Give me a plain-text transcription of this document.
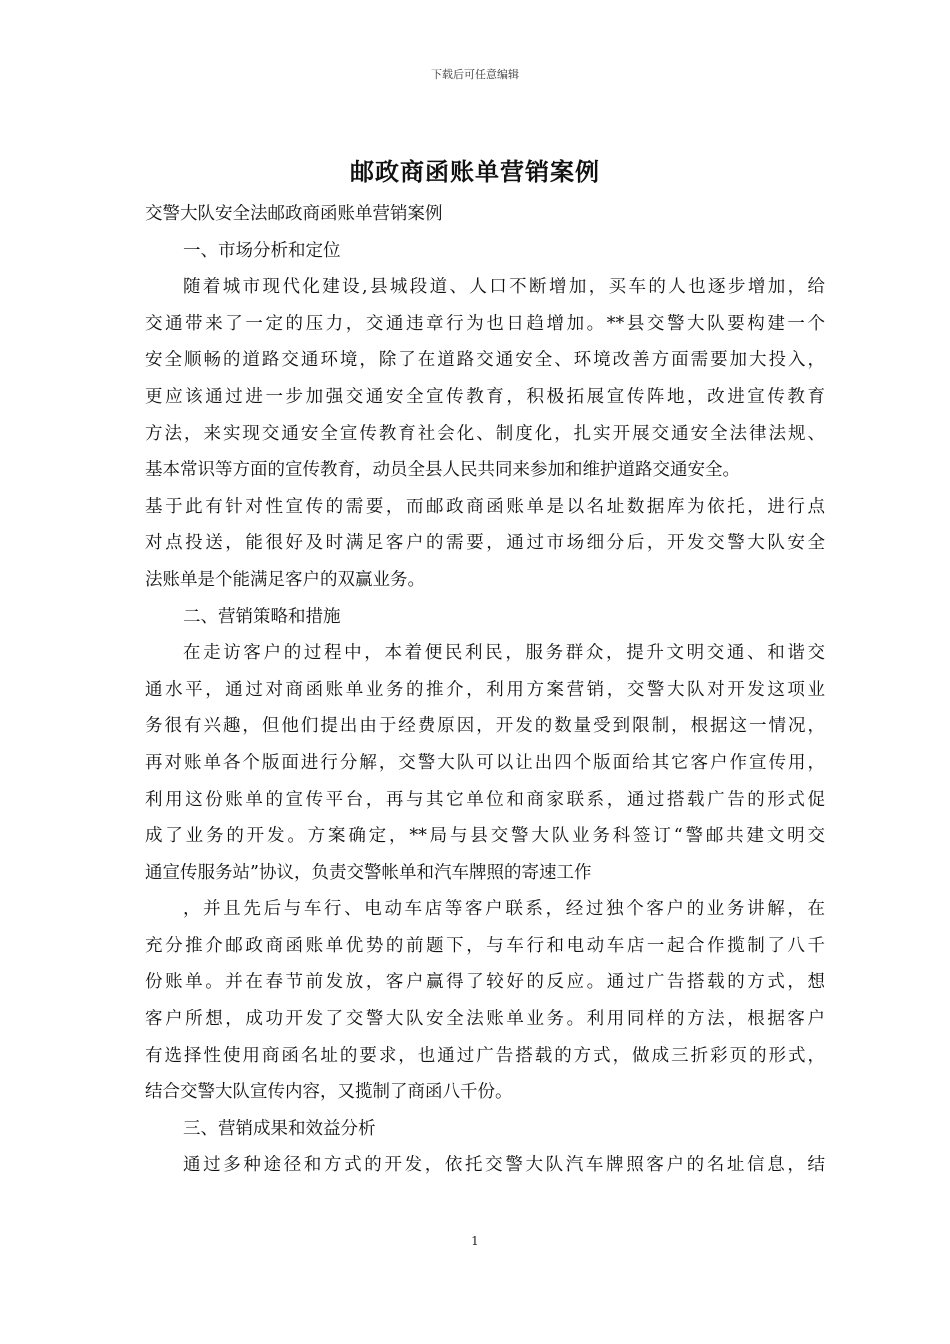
下载后可任意编辑
邮政商函账单营销案例

交警大队安全法邮政商函账单营销案例

一、市场分析和定位

随着城市现代化建设,县城段道、人口不断增加，买车的人也逐步增加，给
交通带来了一定的压力，交通违章行为也日趋增加。**县交警大队要构建一个
安全顺畅的道路交通环境，除了在道路交通安全、环境改善方面需要加大投入，
更应该通过进一步加强交通安全宣传教育，积极拓展宣传阵地，改进宣传教育
方法，来实现交通安全宣传教育社会化、制度化，扎实开展交通安全法律法规、
基本常识等方面的宣传教育，动员全县人民共同来参加和维护道路交通安全。
基于此有针对性宣传的需要，而邮政商函账单是以名址数据库为依托，进行点
对点投送，能很好及时满足客户的需要，通过市场细分后，开发交警大队安全
法账单是个能满足客户的双赢业务。

二、营销策略和措施

在走访客户的过程中，本着便民利民，服务群众，提升文明交通、和谐交
通水平，通过对商函账单业务的推介，利用方案营销，交警大队对开发这项业
务很有兴趣，但他们提出由于经费原因，开发的数量受到限制，根据这一情况，
再对账单各个版面进行分解，交警大队可以让出四个版面给其它客户作宣传用，
利用这份账单的宣传平台，再与其它单位和商家联系，通过搭载广告的形式促
成了业务的开发。方案确定，**局与县交警大队业务科签订“警邮共建文明交
通宣传服务站”协议，负责交警帐单和汽车牌照的寄速工作

，并且先后与车行、电动车店等客户联系，经过独个客户的业务讲解，在
充分推介邮政商函账单优势的前题下，与车行和电动车店一起合作揽制了八千
份账单。并在春节前发放，客户赢得了较好的反应。通过广告搭载的方式，想
客户所想，成功开发了交警大队安全法账单业务。利用同样的方法，根据客户
有选择性使用商函名址的要求，也通过广告搭载的方式，做成三折彩页的形式，
结合交警大队宣传内容，又揽制了商函八千份。

三、营销成果和效益分析

通过多种途径和方式的开发，依托交警大队汽车牌照客户的名址信息，结

1
